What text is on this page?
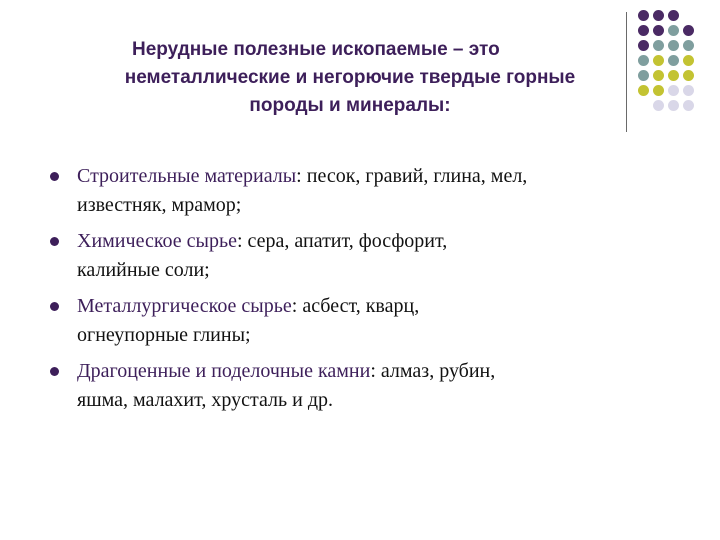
Нерудные полезные ископаемые – это
неметаллические и негорючие твердые горные
породы и минералы:
Строительные материалы: песок, гравий, глина, мел,
известняк, мрамор;
Химическое сырье: сера, апатит, фосфорит,
калийные соли;
Металлургическое сырье: асбест, кварц,
огнеупорные глины;
Драгоценные и поделочные камни: алмаз, рубин,
яшма, малахит, хрусталь и др.
